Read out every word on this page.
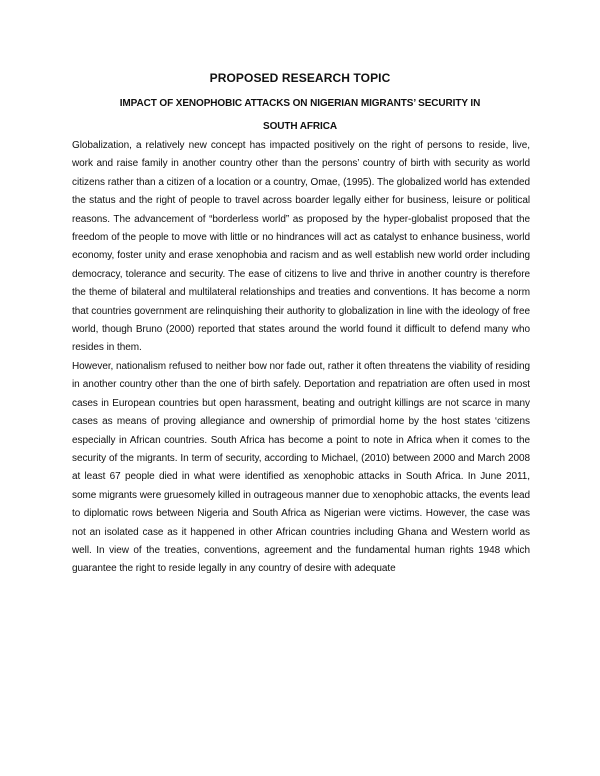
PROPOSED RESEARCH TOPIC
IMPACT OF XENOPHOBIC ATTACKS ON NIGERIAN MIGRANTS’ SECURITY IN
SOUTH AFRICA

Globalization, a relatively new concept has impacted positively on the right of persons to reside, live, work and raise family in another country other than the persons’ country of birth with security as world citizens rather than a citizen of a location or a country, Omae, (1995). The globalized world has extended the status and the right of people to travel across boarder legally either for business, leisure or political reasons. The advancement of “borderless world” as proposed by the hyper-globalist proposed that the freedom of the people to move with little or no hindrances will act as catalyst to enhance business, world economy, foster unity and erase xenophobia and racism and as well establish new world order including democracy, tolerance and security. The ease of citizens to live and thrive in another country is therefore the theme of bilateral and multilateral relationships and treaties and conventions. It has become a norm that countries government are relinquishing their authority to globalization in line with the ideology of free world, though Bruno (2000) reported that states around the world found it difficult to defend many who resides in them.

However, nationalism refused to neither bow nor fade out, rather it often threatens the viability of residing in another country other than the one of birth safely. Deportation and repatriation are often used in most cases in European countries but open harassment, beating and outright killings are not scarce in many cases as means of proving allegiance and ownership of primordial home by the host states ‘citizens especially in African countries. South Africa has become a point to note in Africa when it comes to the security of the migrants. In term of security, according to Michael, (2010) between 2000 and March 2008 at least 67 people died in what were identified as xenophobic attacks in South Africa. In June 2011, some migrants were gruesomely killed in outrageous manner due to xenophobic attacks, the events lead to diplomatic rows between Nigeria and South Africa as Nigerian were victims. However, the case was not an isolated case as it happened in other African countries including Ghana and Western world as well. In view of the treaties, conventions, agreement and the fundamental human rights 1948 which guarantee the right to reside legally in any country of desire with adequate
